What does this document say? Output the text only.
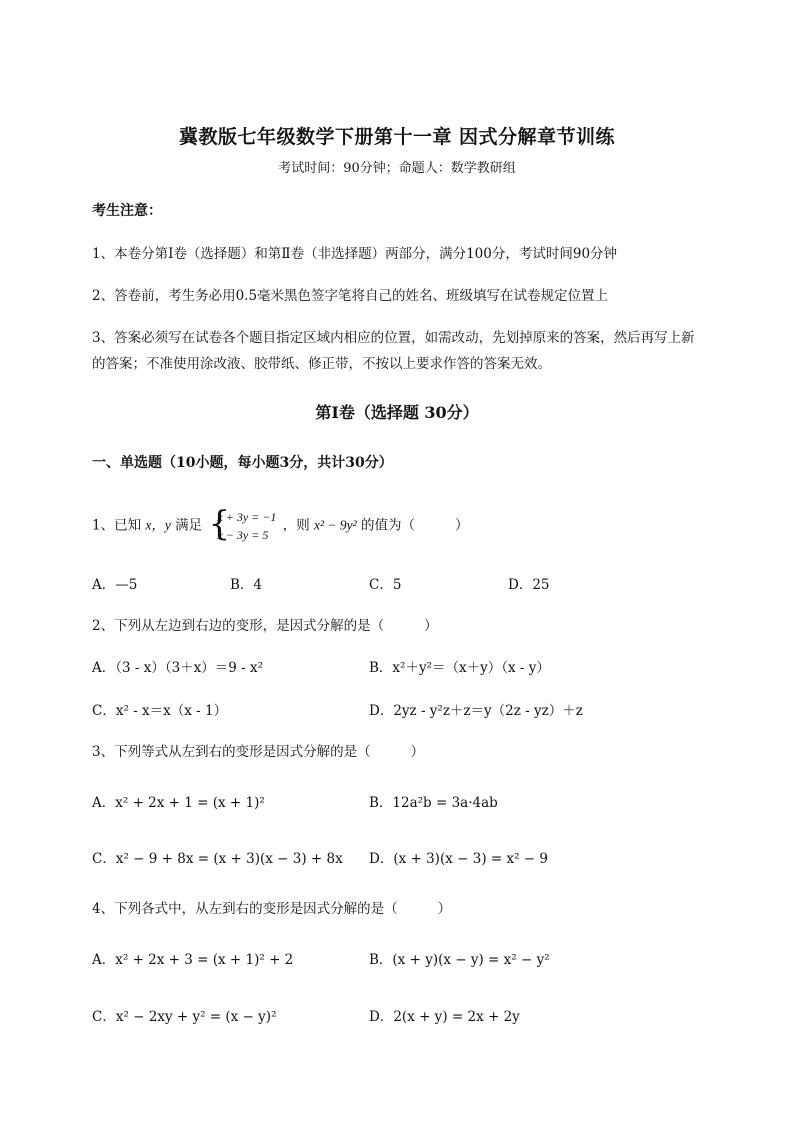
冀教版七年级数学下册第十一章 因式分解章节训练
考试时间：90分钟；命题人：数学教研组
考生注意：
1、本卷分第I卷（选择题）和第Ⅱ卷（非选择题）两部分，满分100分，考试时间90分钟
2、答卷前，考生务必用0.5毫米黑色签字笔将自己的姓名、班级填写在试卷规定位置上
3、答案必须写在试卷各个题目指定区域内相应的位置，如需改动，先划掉原来的答案，然后再写上新
的答案；不准使用涂改液、胶带纸、修正带，不按以上要求作答的答案无效。
第I卷（选择题 30分）
一、单选题（10小题，每小题3分，共计30分）
1、已知 x，y 满足 {
x + 3y = −1
x − 3y = 5
，则 x² − 9y² 的值为（	）
A．—5	B．4	C．5	D．25
2、下列从左边到右边的变形，是因式分解的是（	）
A．（3 - x）（3＋x）＝9 - x²	B．x²＋y²＝（x＋y）（x - y）
C．x² - x＝x（x - 1）	D．2yz - y²z＋z＝y（2z - yz）＋z
3、下列等式从左到右的变形是因式分解的是（	）
A．x² + 2x + 1 = (x + 1)²	B．12a²b = 3a·4ab
C．x² − 9 + 8x = (x + 3)(x − 3) + 8x D．(x + 3)(x − 3) = x² − 9
4、下列各式中，从左到右的变形是因式分解的是（	）
A．x² + 2x + 3 = (x + 1)² + 2	B．(x + y)(x − y) = x² − y²
C．x² − 2xy + y² = (x − y)²	D．2(x + y) = 2x + 2y
